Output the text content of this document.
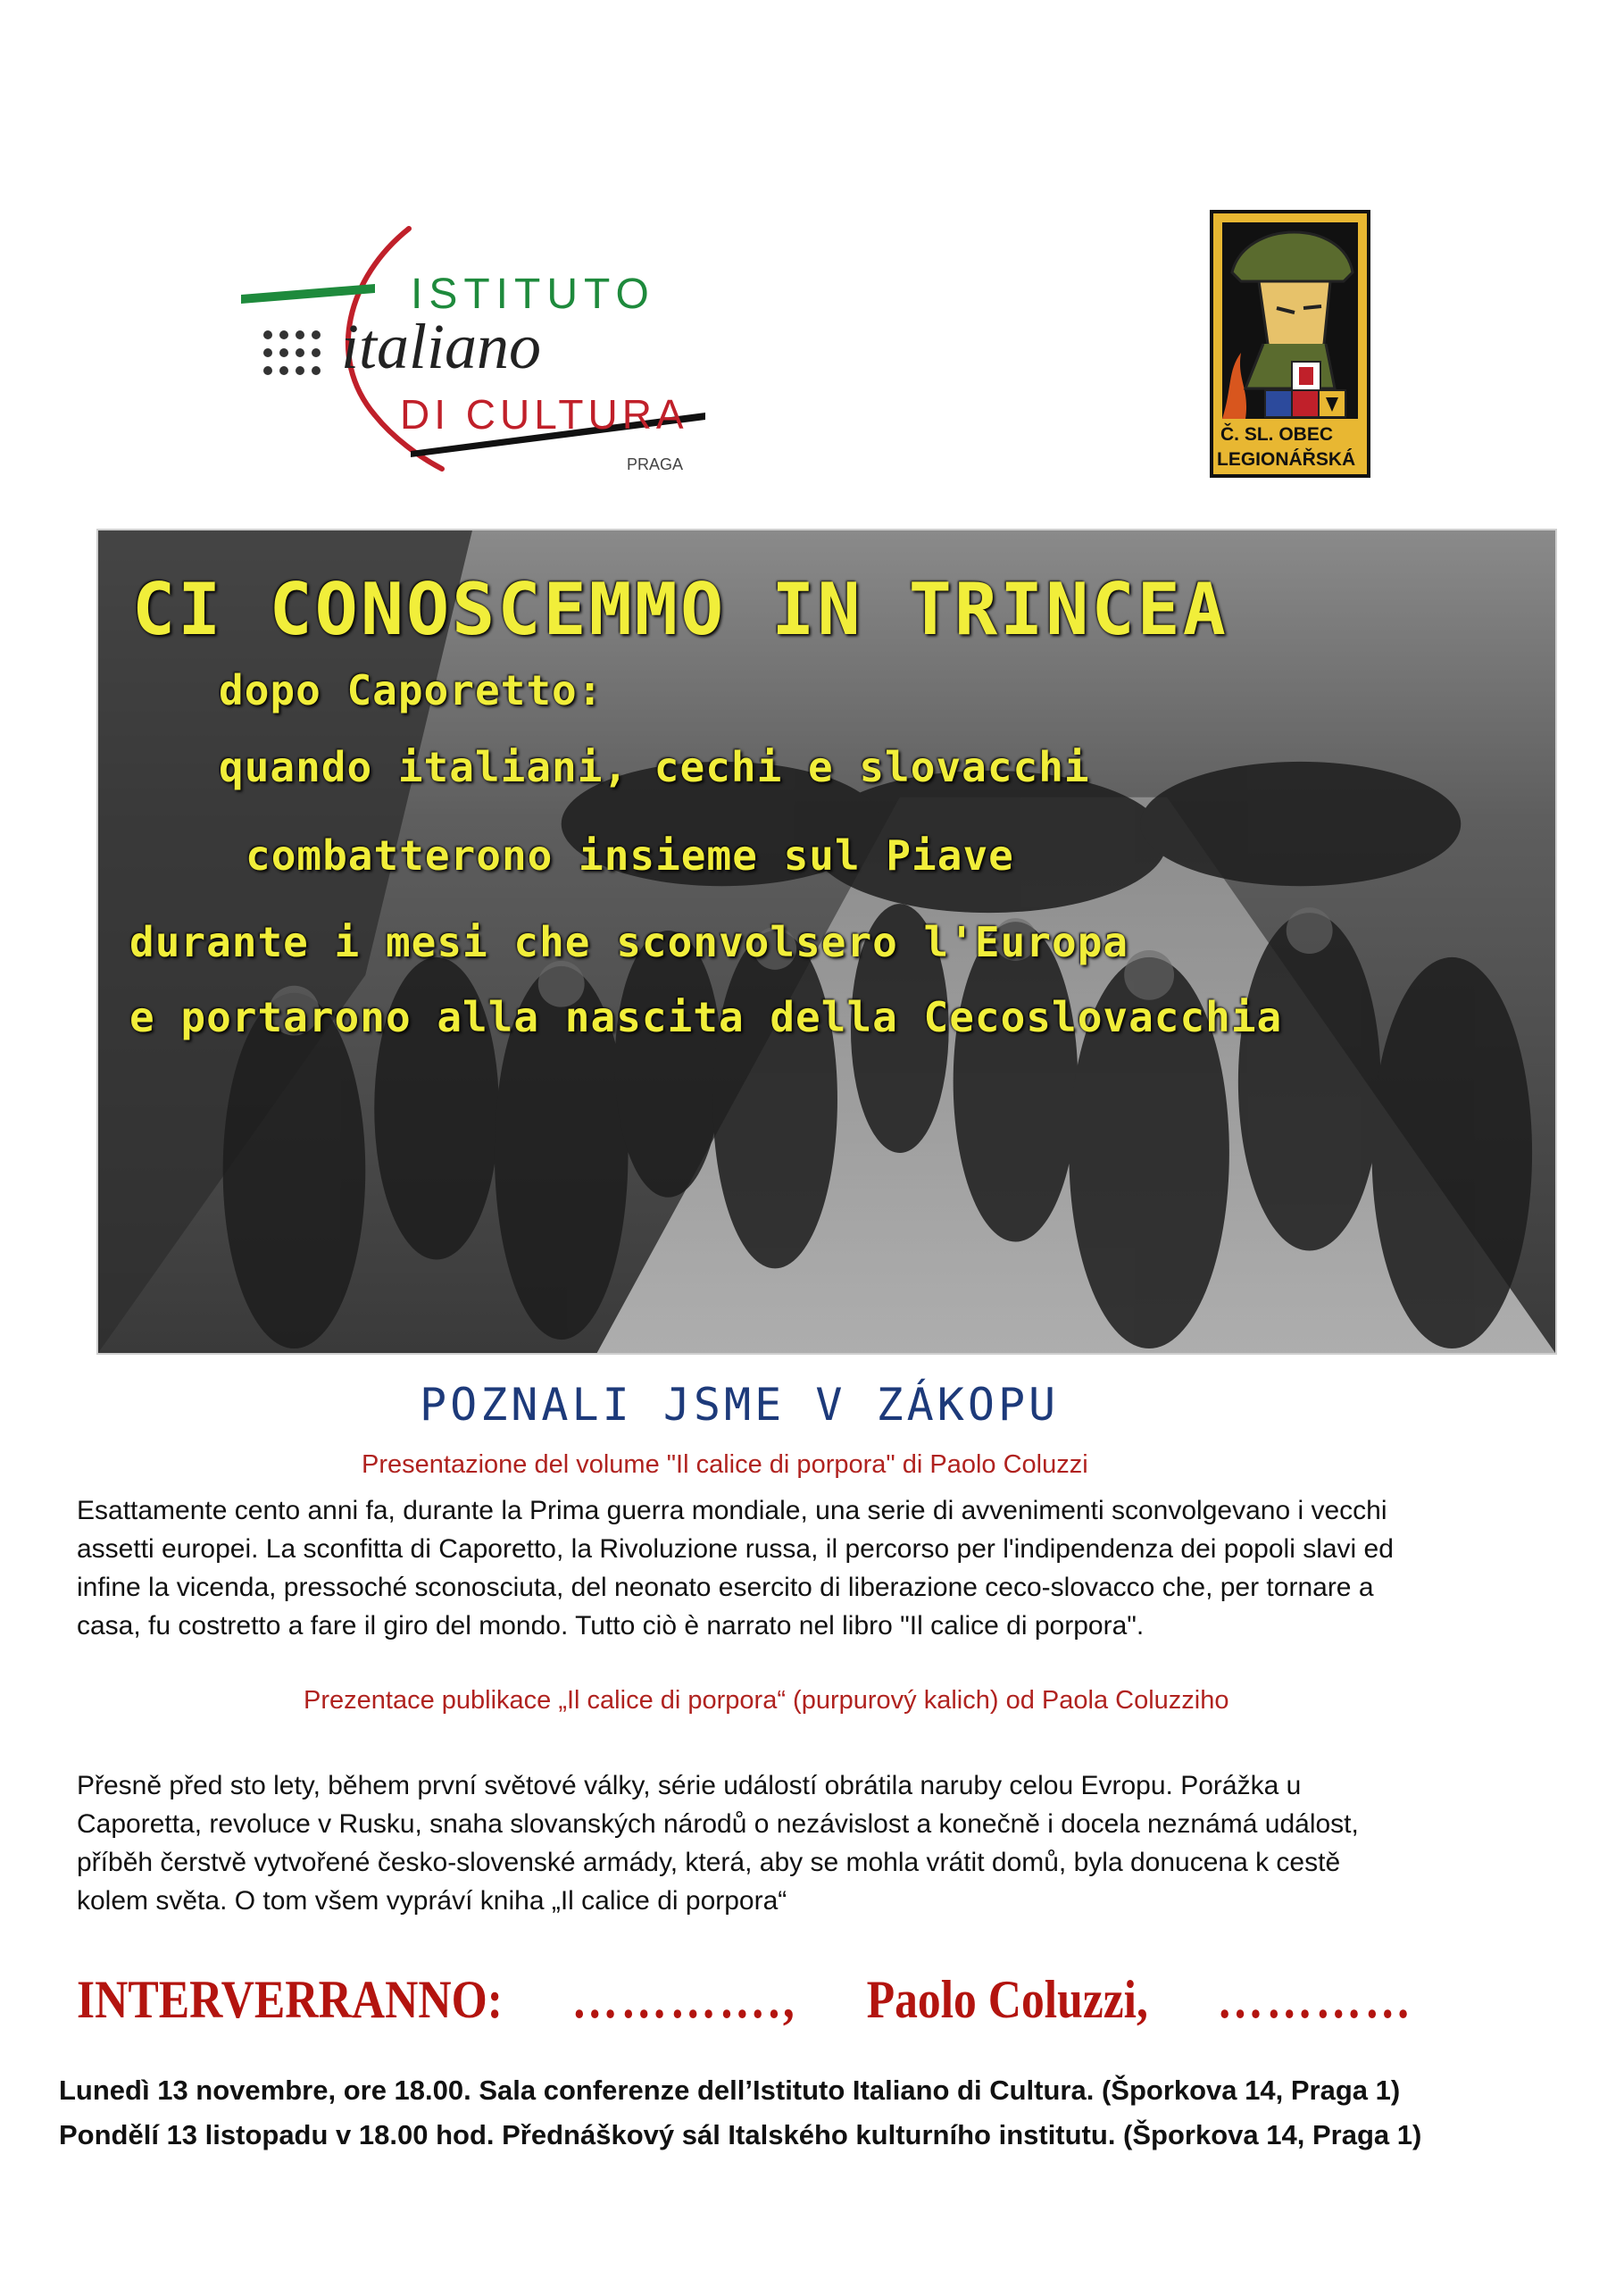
ISTITUTO
italiano
DI CULTURA
PRAGA
Č. SL. OBEC
LEGIONÁŘSKÁ
CI CONOSCEMMO IN TRINCEA
dopo Caporetto:
quando italiani, cechi e slovacchi
combatterono insieme sul Piave
durante i mesi che sconvolsero l'Europa
e portarono alla nascita della Cecoslovacchia
POZNALI JSME V ZÁKOPU
Presentazione del volume "Il calice di porpora" di Paolo Coluzzi
Esattamente cento anni fa, durante la Prima guerra mondiale, una serie di avvenimenti sconvolgevano i vecchi
assetti europei. La sconfitta di Caporetto, la Rivoluzione russa, il percorso per l'indipendenza dei popoli slavi ed
infine la vicenda, pressoché sconosciuta, del neonato esercito di liberazione ceco-slovacco che, per tornare a
casa, fu costretto a fare il giro del mondo. Tutto ciò è narrato nel libro "Il calice di porpora".
Prezentace publikace „Il calice di porpora“ (purpurový kalich) od Paola Coluzziho
Přesně před sto lety, během první světové války, série událostí obrátila naruby celou Evropu. Porážka u
Caporetta, revoluce v Rusku, snaha slovanských národů o nezávislost a konečně i docela neznámá událost,
příběh čerstvě vytvořené česko-slovenské armády, která, aby se mohla vrátit domů, byla donucena k cestě
kolem světa. O tom všem vypráví kniha „Il calice di porpora“
INTERVERRANNO: …………., Paolo Coluzzi, …………
Lunedì 13 novembre, ore 18.00. Sala conferenze dell’Istituto Italiano di Cultura. (Šporkova 14, Praga 1)
Pondělí 13 listopadu v 18.00 hod. Přednáškový sál Italského kulturního institutu. (Šporkova 14, Praga 1)
